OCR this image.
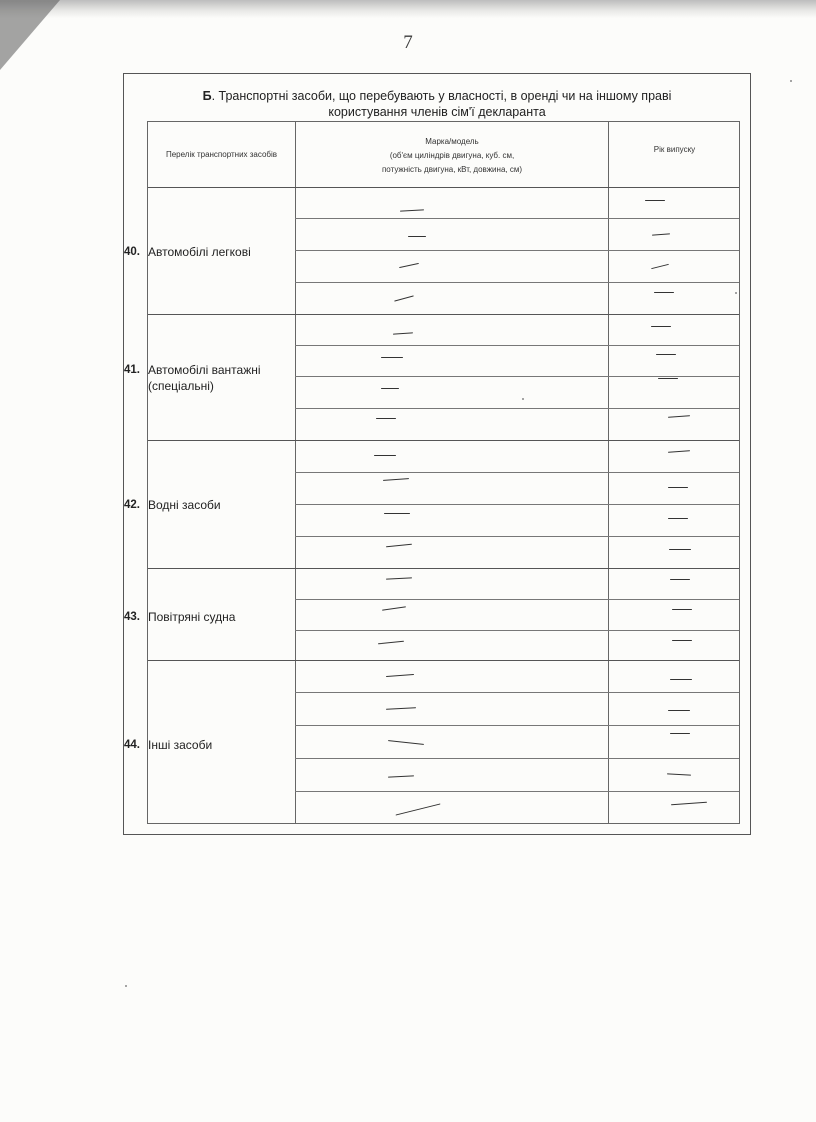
7
Б. Транспортні засоби, що перебувають у власності, в оренді чи на іншому праві
користування членів сім'ї декларанта
Перелік транспортних засобів
Марка/модель
(об'єм циліндрів двигуна, куб. см,
потужність двигуна, кВт, довжина, см)
Рік випуску
40. Автомобілі легкові
41. Автомобілі вантажні (спеціальні)
42. Водні засоби
43. Повітряні судна
44. Інші засоби
